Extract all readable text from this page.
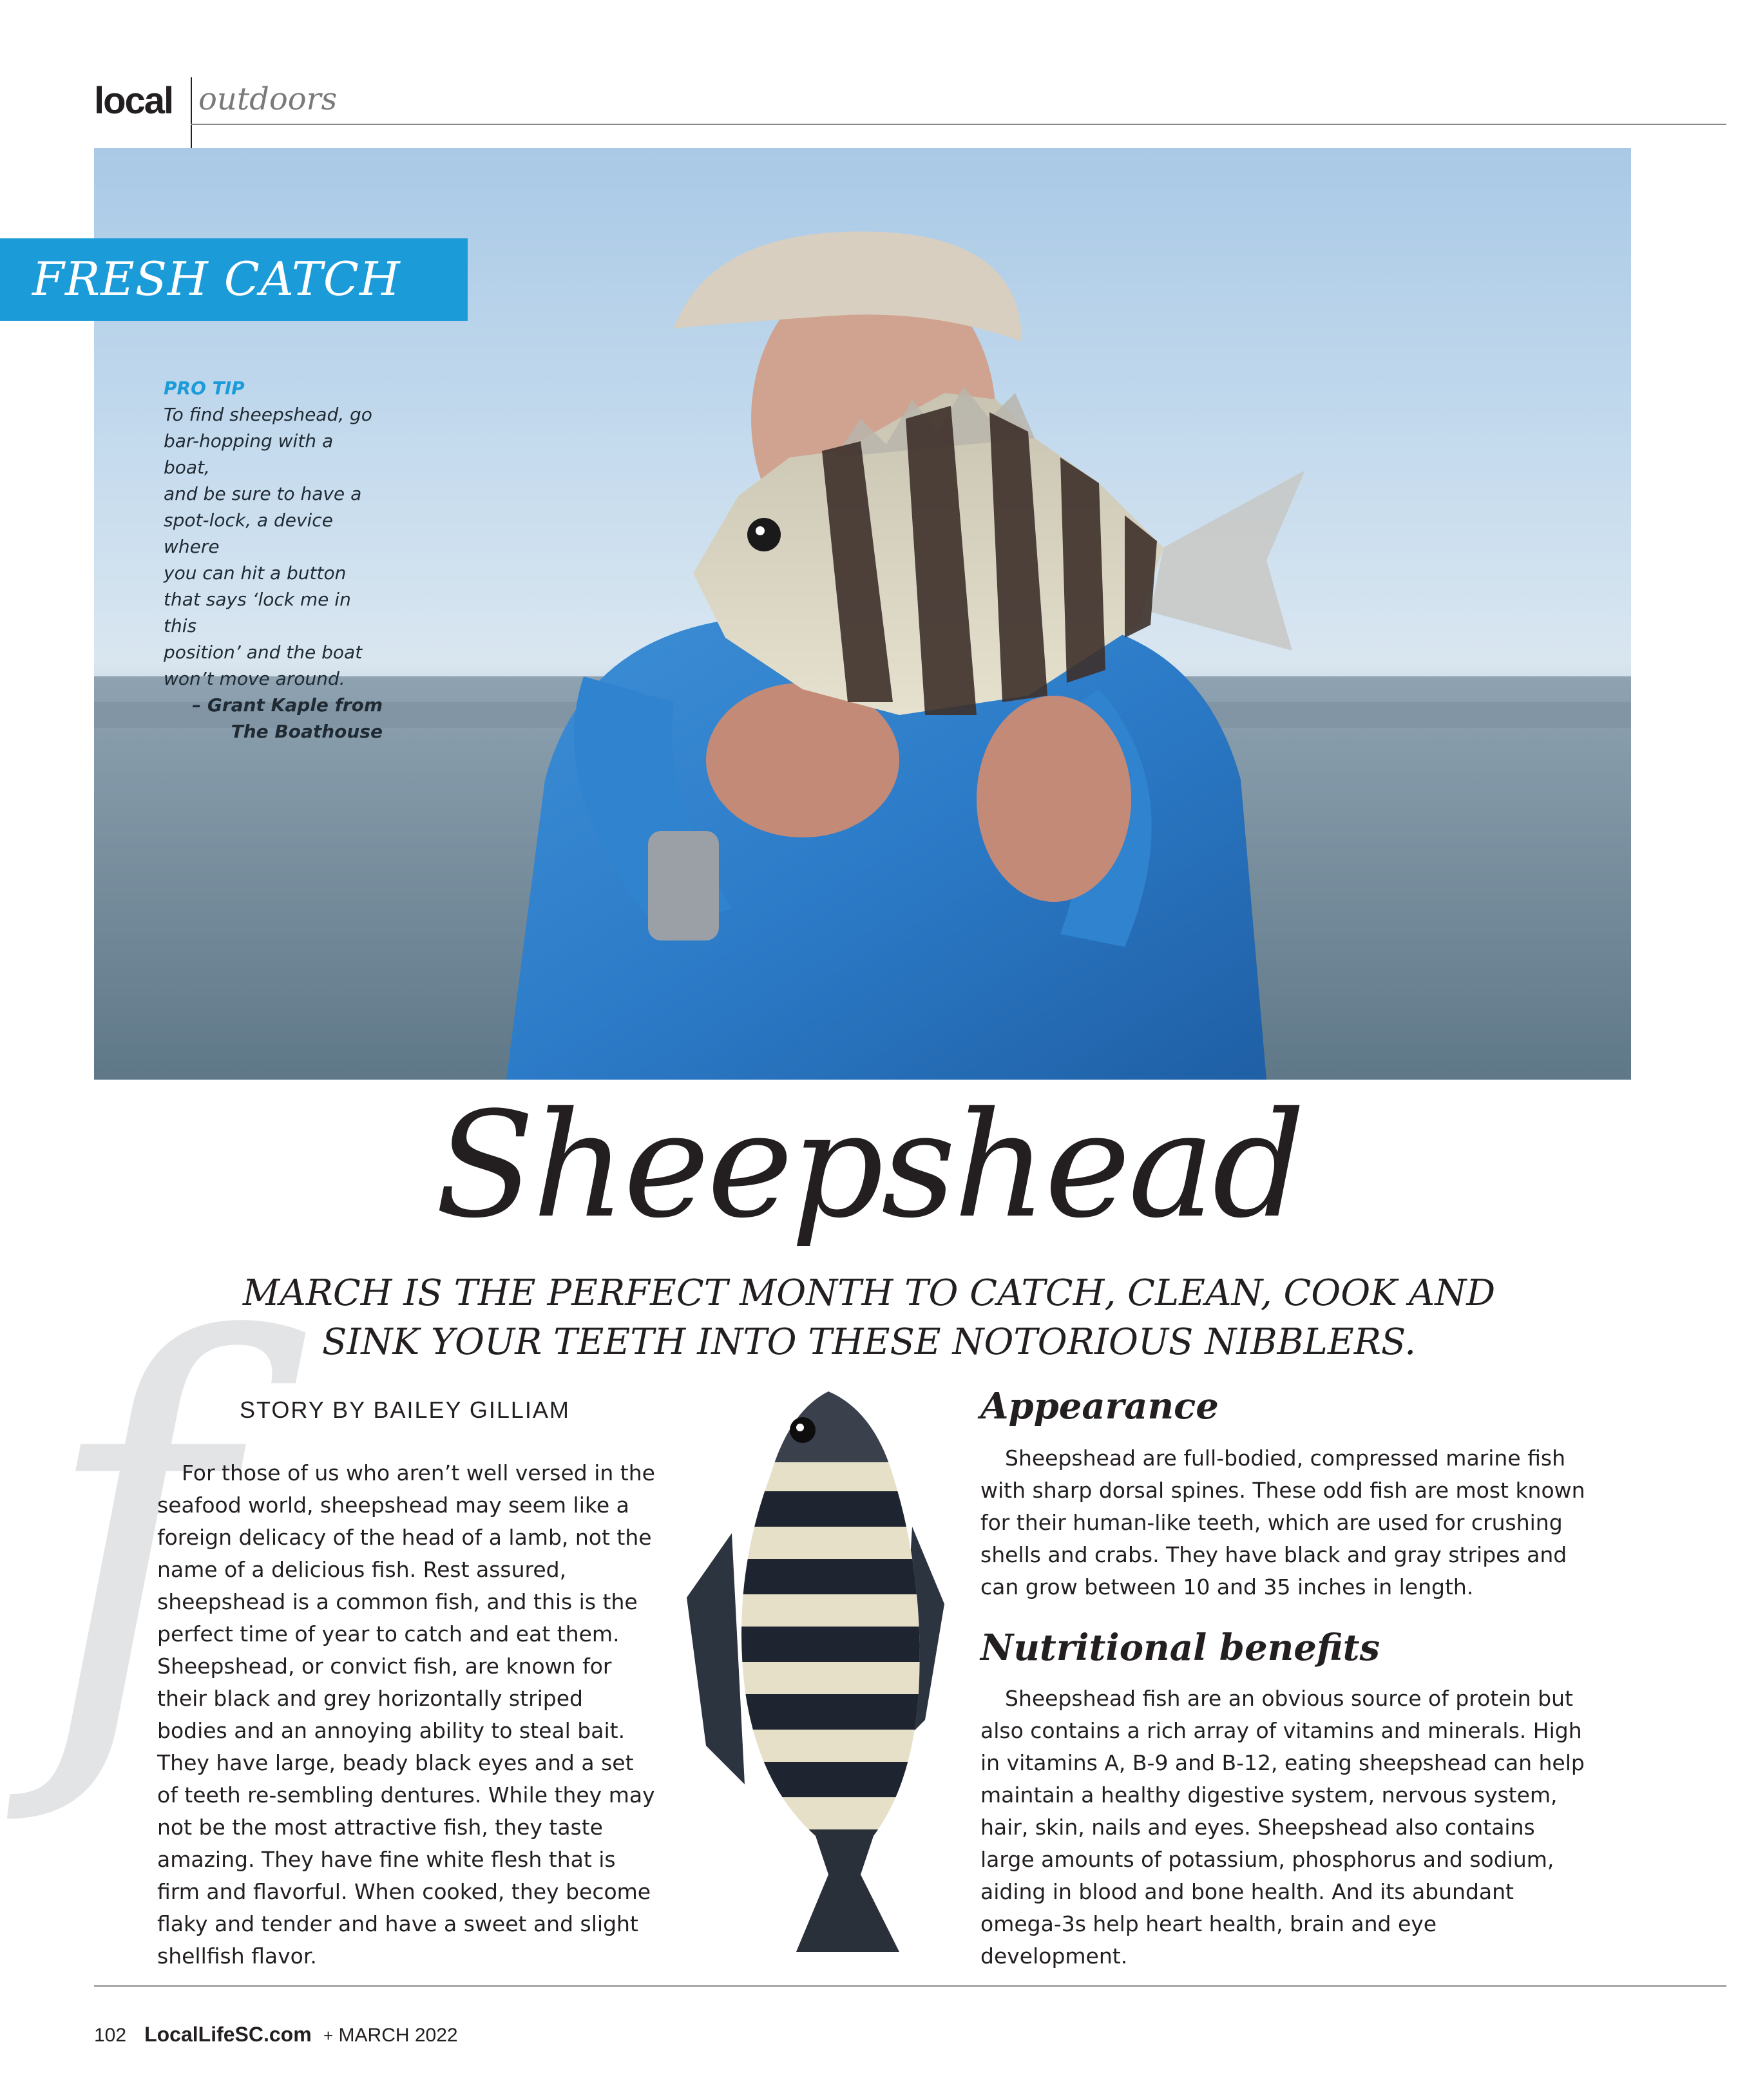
local outdoors
FRESH CATCH
PRO TIP
To find sheepshead, go
bar-hopping with a boat,
and be sure to have a
spot-lock, a device where
you can hit a button
that says ‘lock me in this
position’ and the boat
won’t move around.
– Grant Kaple from
The Boathouse
f
Sheepshead
MARCH IS THE PERFECT MONTH TO CATCH, CLEAN, COOK AND
SINK YOUR TEETH INTO THESE NOTORIOUS NIBBLERS.
STORY BY BAILEY GILLIAM

For those of us who aren’t well versed in the seafood world, sheepshead may seem like a foreign delicacy of the head of a lamb, not the name of a delicious fish. Rest assured, sheepshead is a common fish, and this is the perfect time of year to catch and eat them. Sheepshead, or convict fish, are known for their black and grey horizontally striped bodies and an annoying ability to steal bait. They have large, beady black eyes and a set of teeth re-sembling dentures. While they may not be the most attractive fish, they taste amazing. They have fine white flesh that is firm and flavorful. When cooked, they become flaky and tender and have a sweet and slight shellfish flavor.

Appearance

Sheepshead are full-bodied, compressed marine fish with sharp dorsal spines. These odd fish are most known for their human-like teeth, which are used for crushing shells and crabs. They have black and gray stripes and can grow between 10 and 35 inches in length.

Nutritional benefits

Sheepshead fish are an obvious source of protein but also contains a rich array of vitamins and minerals. High in vitamins A, B-9 and B-12, eating sheepshead can help maintain a healthy digestive system, nervous system, hair, skin, nails and eyes. Sheepshead also contains large amounts of potassium, phosphorus and sodium, aiding in blood and bone health. And its abundant omega-3s help heart health, brain and eye development.

102 LocalLifeSC.com + MARCH 2022
